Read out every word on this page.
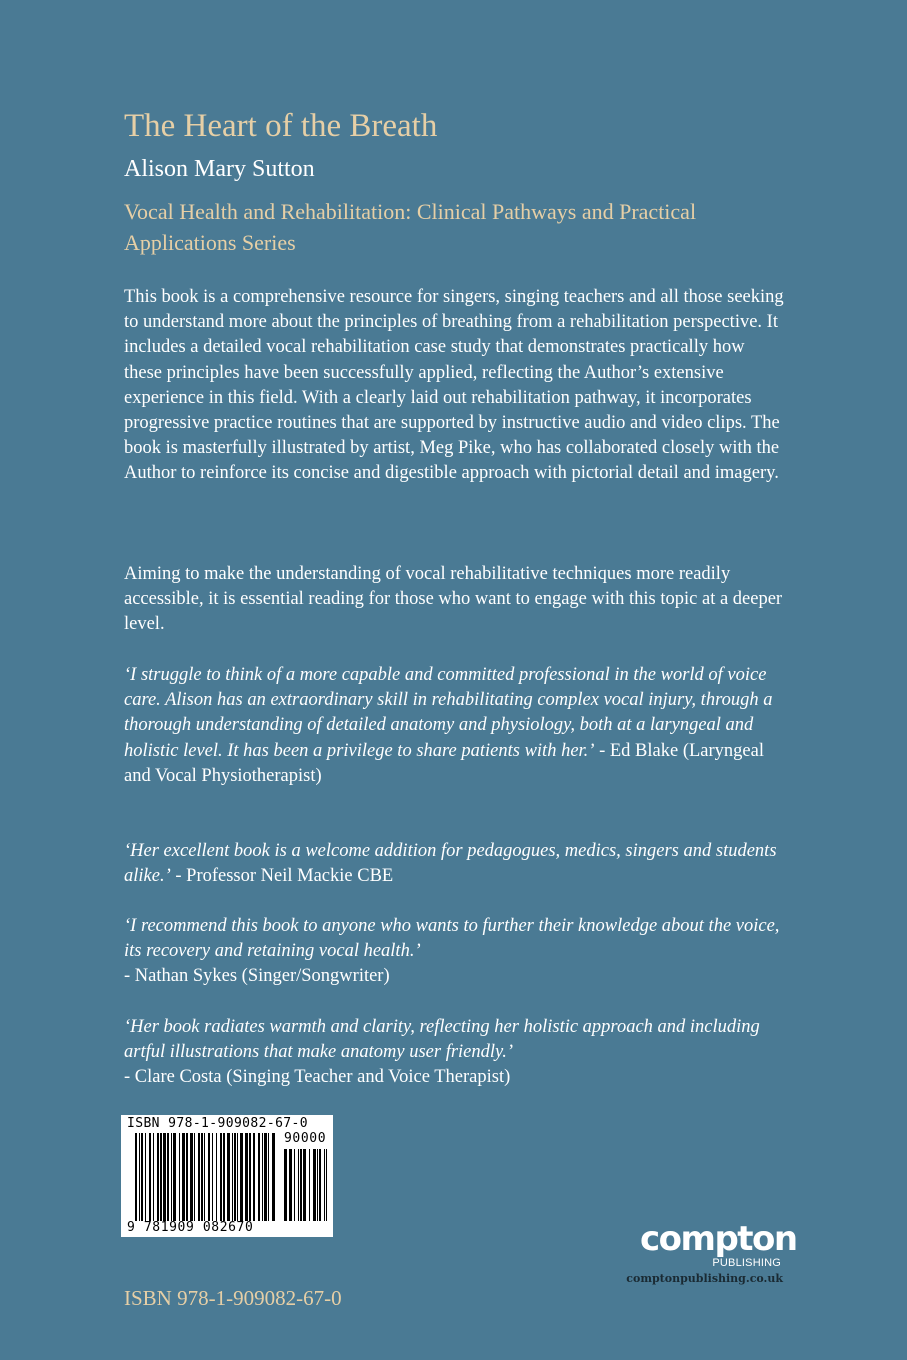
The Heart of the Breath
Alison Mary Sutton
Vocal Health and Rehabilitation: Clinical Pathways and Practical Applications Series

This book is a comprehensive resource for singers, singing teachers and all those seeking to understand more about the principles of breathing from a rehabilitation perspective. It includes a detailed vocal rehabilitation case study that demonstrates practically how these principles have been successfully applied, reflecting the Author’s extensive experience in this field. With a clearly laid out rehabilitation pathway, it incorporates progressive practice routines that are supported by instructive audio and video clips. The book is masterfully illustrated by artist, Meg Pike, who has collaborated closely with the Author to reinforce its concise and digestible approach with pictorial detail and imagery.

Aiming to make the understanding of vocal rehabilitative techniques more readily accessible, it is essential reading for those who want to engage with this topic at a deeper level.

‘I struggle to think of a more capable and committed professional in the world of voice care. Alison has an extraordinary skill in rehabilitating complex vocal injury, through a thorough understanding of detailed anatomy and physiology, both at a laryngeal and holistic level. It has been a privilege to share patients with her.’ - Ed Blake (Laryngeal and Vocal Physiotherapist)

‘Her excellent book is a welcome addition for pedagogues, medics, singers and students alike.’ - Professor Neil Mackie CBE

‘I recommend this book to anyone who wants to further their knowledge about the voice, its recovery and retaining vocal health.’
- Nathan Sykes (Singer/Songwriter)

‘Her book radiates warmth and clarity, reflecting her holistic approach and including artful illustrations that make anatomy user friendly.’
- Clare Costa (Singing Teacher and Voice Therapist)

ISBN 978-1-909082-67-0
90000
9 781909 082670	compton
PUBLISHING
comptonpublishing.co.uk
ISBN 978-1-909082-67-0
